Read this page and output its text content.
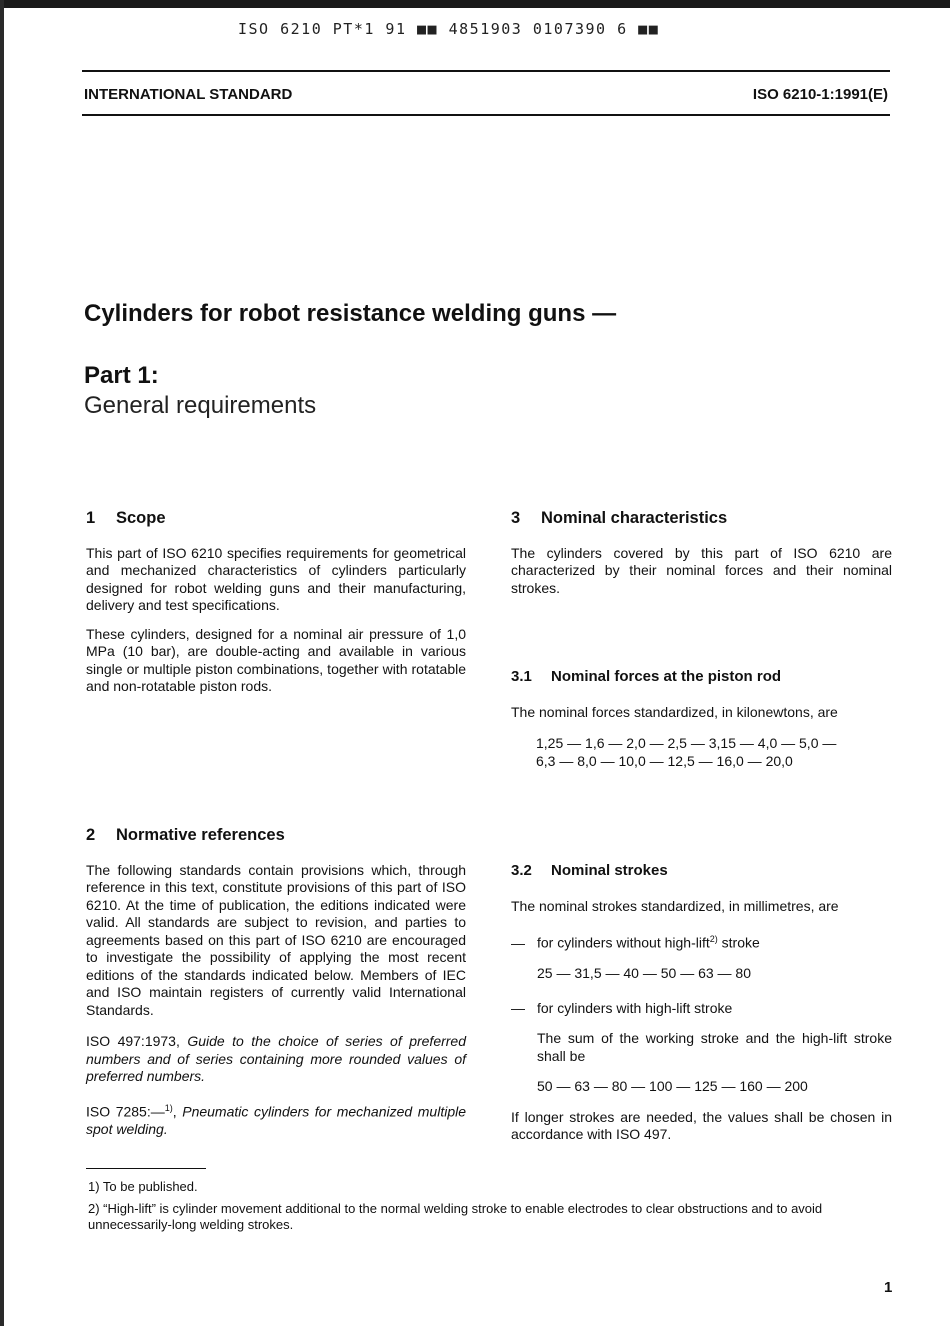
ISO 6210 PT*1 91 ■■ 4851903 0107390 6 ■■
INTERNATIONAL STANDARD	ISO 6210-1:1991(E)
Cylinders for robot resistance welding guns —
Part 1:
General requirements
1 Scope

This part of ISO 6210 specifies requirements for geometrical and mechanized characteristics of cylinders particularly designed for robot welding guns and their manufacturing, delivery and test specifications.

These cylinders, designed for a nominal air pressure of 1,0 MPa (10 bar), are double-acting and available in various single or multiple piston combinations, together with rotatable and non-rotatable piston rods.

2 Normative references

The following standards contain provisions which, through reference in this text, constitute provisions of this part of ISO 6210. At the time of publication, the editions indicated were valid. All standards are subject to revision, and parties to agreements based on this part of ISO 6210 are encouraged to investigate the possibility of applying the most recent editions of the standards indicated below. Members of IEC and ISO maintain registers of currently valid International Standards.

ISO 497:1973, Guide to the choice of series of preferred numbers and of series containing more rounded values of preferred numbers.

ISO 7285:—$^{1)}$, Pneumatic cylinders for mechanized multiple spot welding.

3 Nominal characteristics

The cylinders covered by this part of ISO 6210 are characterized by their nominal forces and their nominal strokes.

3.1 Nominal forces at the piston rod

The nominal forces standardized, in kilonewtons, are

1,25 — 1,6 — 2,0 — 2,5 — 3,15 — 4,0 — 5,0 —

6,3 — 8,0 — 10,0 — 12,5 — 16,0 — 20,0

3.2 Nominal strokes

The nominal strokes standardized, in millimetres, are

— for cylinders without high-lift$^{2)}$ stroke

25 — 31,5 — 40 — 50 — 63 — 80

— for cylinders with high-lift stroke

The sum of the working stroke and the high-lift stroke shall be

50 — 63 — 80 — 100 — 125 — 160 — 200

If longer strokes are needed, the values shall be chosen in accordance with ISO 497.

1) To be published.

2) “High-lift” is cylinder movement additional to the normal welding stroke to enable electrodes to clear obstructions and to avoid unnecessarily-long welding strokes.

1
